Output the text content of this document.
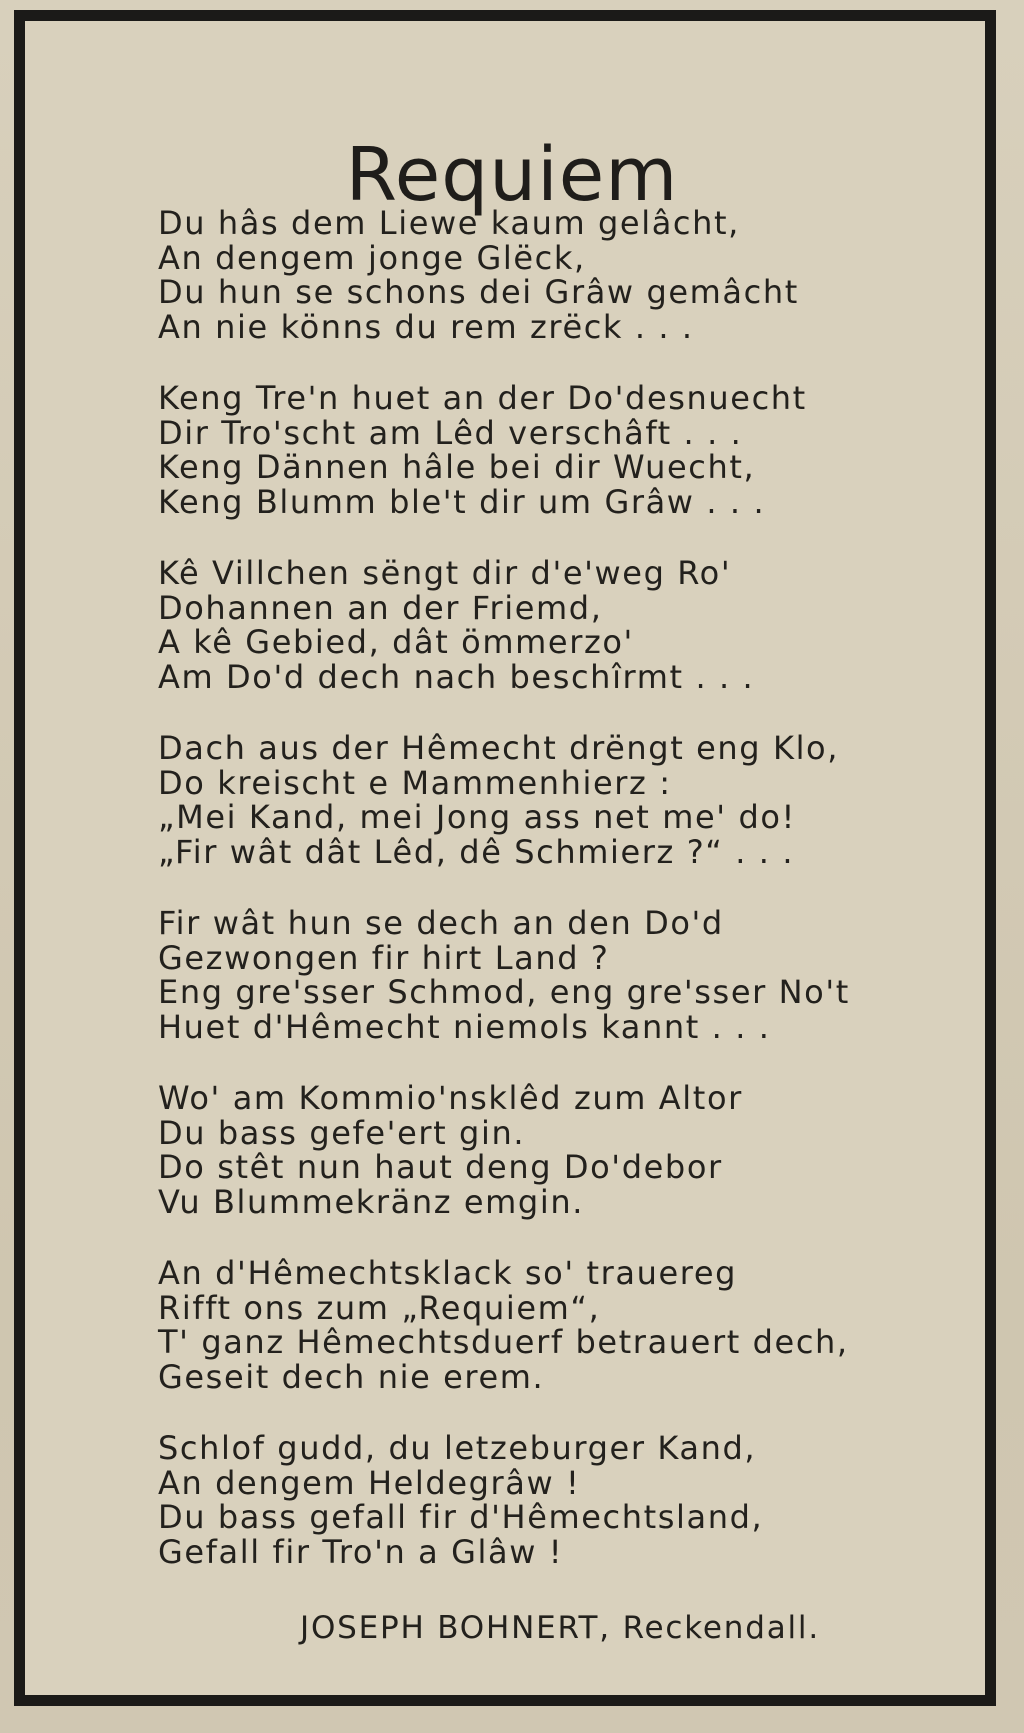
Requiem
Du hâs dem Liewe kaum gelâcht,
An dengem jonge Glëck,
Du hun se schons dei Grâw gemâcht
An nie könns du rem zrëck . . .
Keng Tre'n huet an der Do'desnuecht
Dir Tro'scht am Lêd verschâft . . .
Keng Dännen hâle bei dir Wuecht,
Keng Blumm ble't dir um Grâw . . .
Kê Villchen sëngt dir d'e'weg Ro'
Dohannen an der Friemd,
A kê Gebied, dât ömmerzo'
Am Do'd dech nach beschîrmt . . .
Dach aus der Hêmecht drëngt eng Klo,
Do kreischt e Mammenhierz :
„Mei Kand, mei Jong ass net me' do!
„Fir wât dât Lêd, dê Schmierz ?“ . . .
Fir wât hun se dech an den Do'd
Gezwongen fir hirt Land ?
Eng gre'sser Schmod, eng gre'sser No't
Huet d'Hêmecht niemols kannt . . .
Wo' am Kommio'nsklêd zum Altor
Du bass gefe'ert gin.
Do stêt nun haut deng Do'debor
Vu Blummekränz emgin.
An d'Hêmechtsklack so' trauereg
Rifft ons zum „Requiem“,
T' ganz Hêmechtsduerf betrauert dech,
Geseit dech nie erem.
Schlof gudd, du letzeburger Kand,
An dengem Heldegrâw !
Du bass gefall fir d'Hêmechtsland,
Gefall fir Tro'n a Glâw !
JOSEPH BOHNERT, Reckendall.
